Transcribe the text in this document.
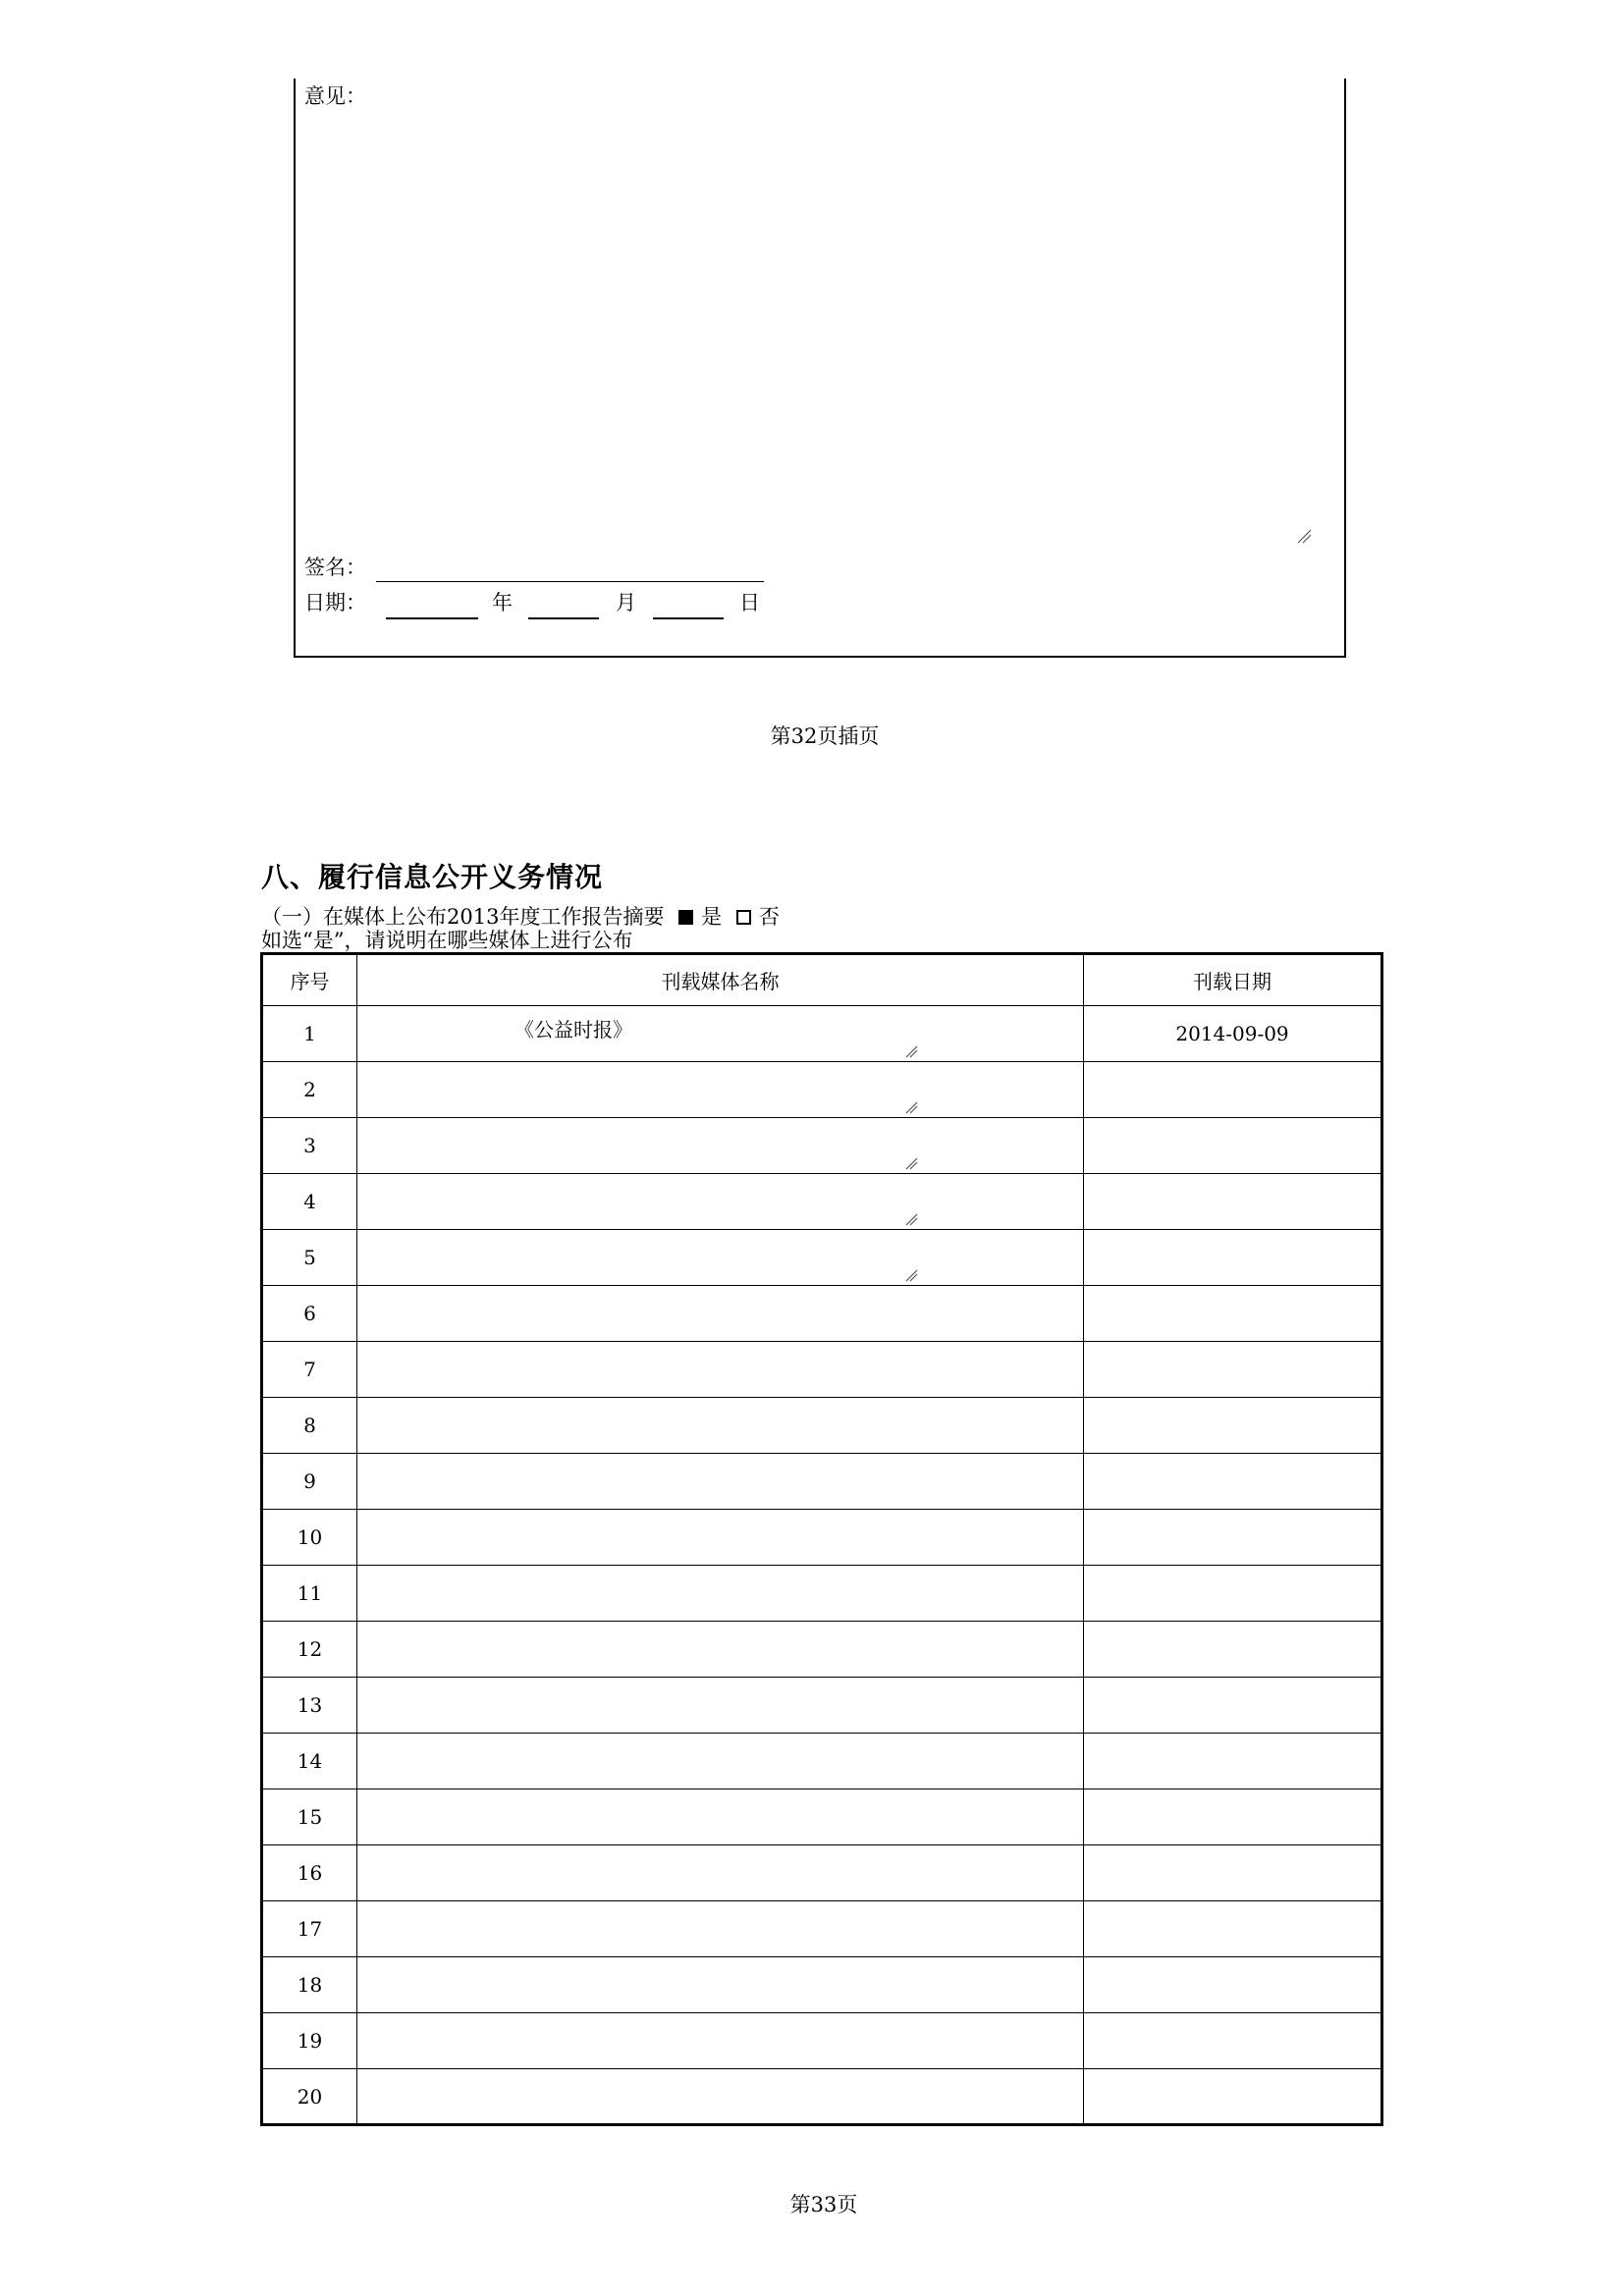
意见：
签名：
日期：	年	月	日
第32页插页
八、履行信息公开义务情况
（一）在媒体上公布2013年度工作报告摘要 是 否
如选“是”，请说明在哪些媒体上进行公布
序号	刊载媒体名称	刊载日期
1	《公益时报》	2014-09-09
2	

3	

4	

5	

6	

7	

8	

9	

10	

11	

12	

13	

14	

15	

16	

17	

18	

19	

20	

第33页
